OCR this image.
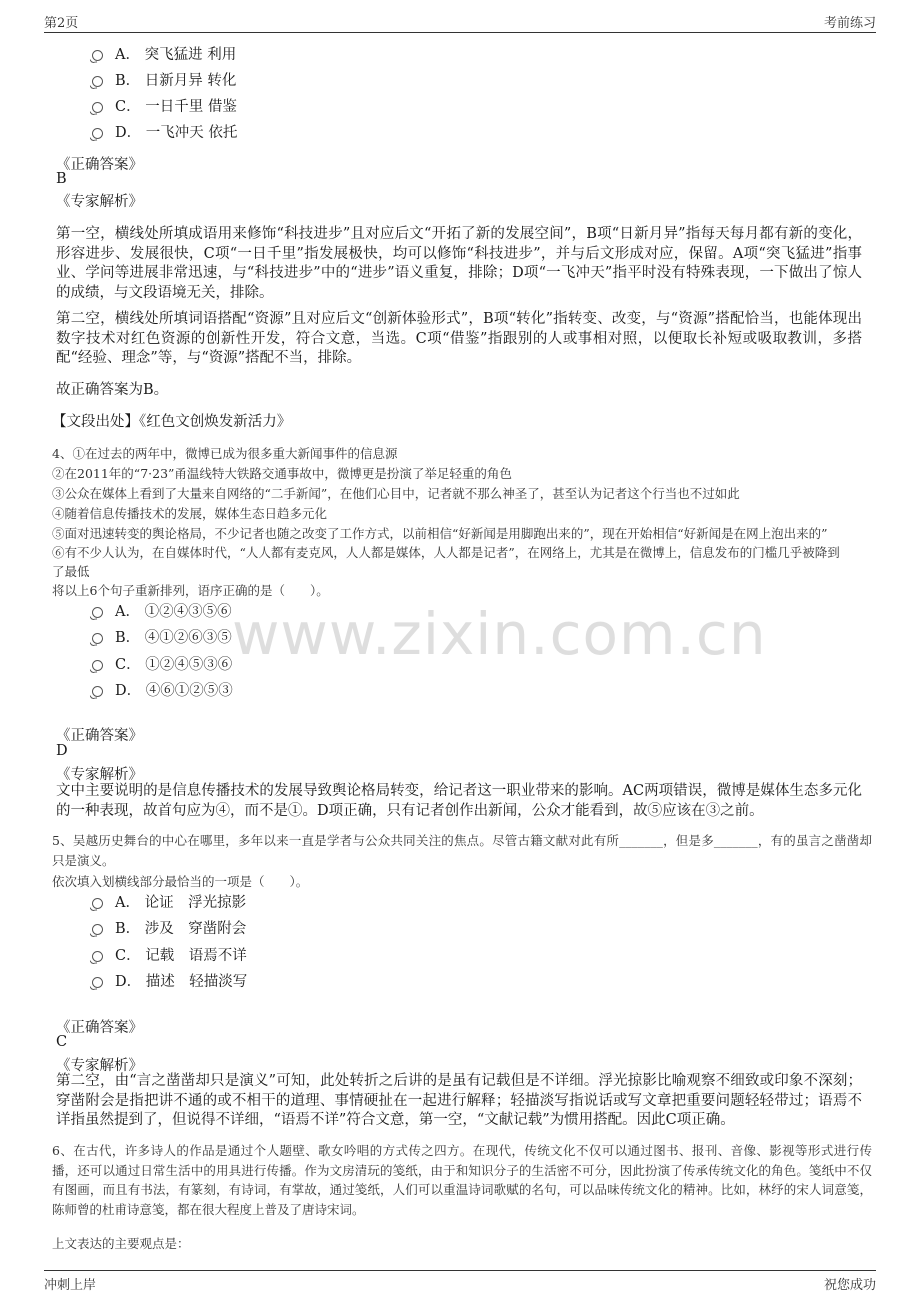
第2页	考前练习
www.zixin.com.cn
A． 突飞猛进 利用
B． 日新月异 转化
C． 一日千里 借鉴
D． 一飞冲天 依托
《正确答案》
B
《专家解析》
第一空，横线处所填成语用来修饰“科技进步”且对应后文“开拓了新的发展空间”，B项“日新月异”指每天每月都有新的变化，形容进步、发展很快，C项“一日千里”指发展极快，均可以修饰“科技进步”，并与后文形成对应，保留。A项“突飞猛进”指事业、学问等进展非常迅速，与“科技进步”中的“进步”语义重复，排除；D项“一飞冲天”指平时没有特殊表现，一下做出了惊人的成绩，与文段语境无关，排除。
第二空，横线处所填词语搭配“资源”且对应后文“创新体验形式”，B项“转化”指转变、改变，与“资源”搭配恰当，也能体现出数字技术对红色资源的创新性开发，符合文意，当选。C项“借鉴”指跟别的人或事相对照，以便取长补短或吸取教训，多搭配“经验、理念”等，与“资源”搭配不当，排除。
故正确答案为B。
【文段出处】《红色文创焕发新活力》
4、①在过去的两年中，微博已成为很多重大新闻事件的信息源
②在2011年的“7·23”甬温线特大铁路交通事故中，微博更是扮演了举足轻重的角色
③公众在媒体上看到了大量来自网络的“二手新闻”，在他们心目中，记者就不那么神圣了，甚至认为记者这个行当也不过如此
④随着信息传播技术的发展，媒体生态日趋多元化
⑤面对迅速转变的舆论格局，不少记者也随之改变了工作方式，以前相信“好新闻是用脚跑出来的”，现在开始相信“好新闻是在网上泡出来的”
⑥有不少人认为，在自媒体时代，“人人都有麦克风，人人都是媒体，人人都是记者”，在网络上，尤其是在微博上，信息发布的门槛几乎被降到
了最低
将以上6个句子重新排列，语序正确的是（　　）。
A． ①②④③⑤⑥
B． ④①②⑥③⑤
C． ①②④⑤③⑥
D． ④⑥①②⑤③
《正确答案》
D
《专家解析》
文中主要说明的是信息传播技术的发展导致舆论格局转变，给记者这一职业带来的影响。AC两项错误，微博是媒体生态多元化的一种表现，故首句应为④，而不是①。D项正确，只有记者创作出新闻，公众才能看到，故⑤应该在③之前。
5、吴越历史舞台的中心在哪里，多年以来一直是学者与公众共同关注的焦点。尽管古籍文献对此有所_______，但是多_______，有的虽言之凿凿却只是演义。
依次填入划横线部分最恰当的一项是（　　）。
A． 论证　浮光掠影
B． 涉及　穿凿附会
C． 记载　语焉不详
D． 描述　轻描淡写
《正确答案》
C
《专家解析》
第二空，由“言之凿凿却只是演义”可知，此处转折之后讲的是虽有记载但是不详细。浮光掠影比喻观察不细致或印象不深刻；穿凿附会是指把讲不通的或不相干的道理、事情硬扯在一起进行解释；轻描淡写指说话或写文章把重要问题轻轻带过；语焉不详指虽然提到了，但说得不详细，“语焉不详”符合文意，第一空，“文献记载”为惯用搭配。因此C项正确。
6、在古代，许多诗人的作品是通过个人题壁、歌女吟唱的方式传之四方。在现代，传统文化不仅可以通过图书、报刊、音像、影视等形式进行传播，还可以通过日常生活中的用具进行传播。作为文房清玩的笺纸，由于和知识分子的生活密不可分，因此扮演了传承传统文化的角色。笺纸中不仅有图画，而且有书法，有篆刻，有诗词，有掌故，通过笺纸，人们可以重温诗词歌赋的名句，可以品味传统文化的精神。比如，林纾的宋人词意笺，陈师曾的杜甫诗意笺，都在很大程度上普及了唐诗宋词。
上文表达的主要观点是：
冲刺上岸	祝您成功
